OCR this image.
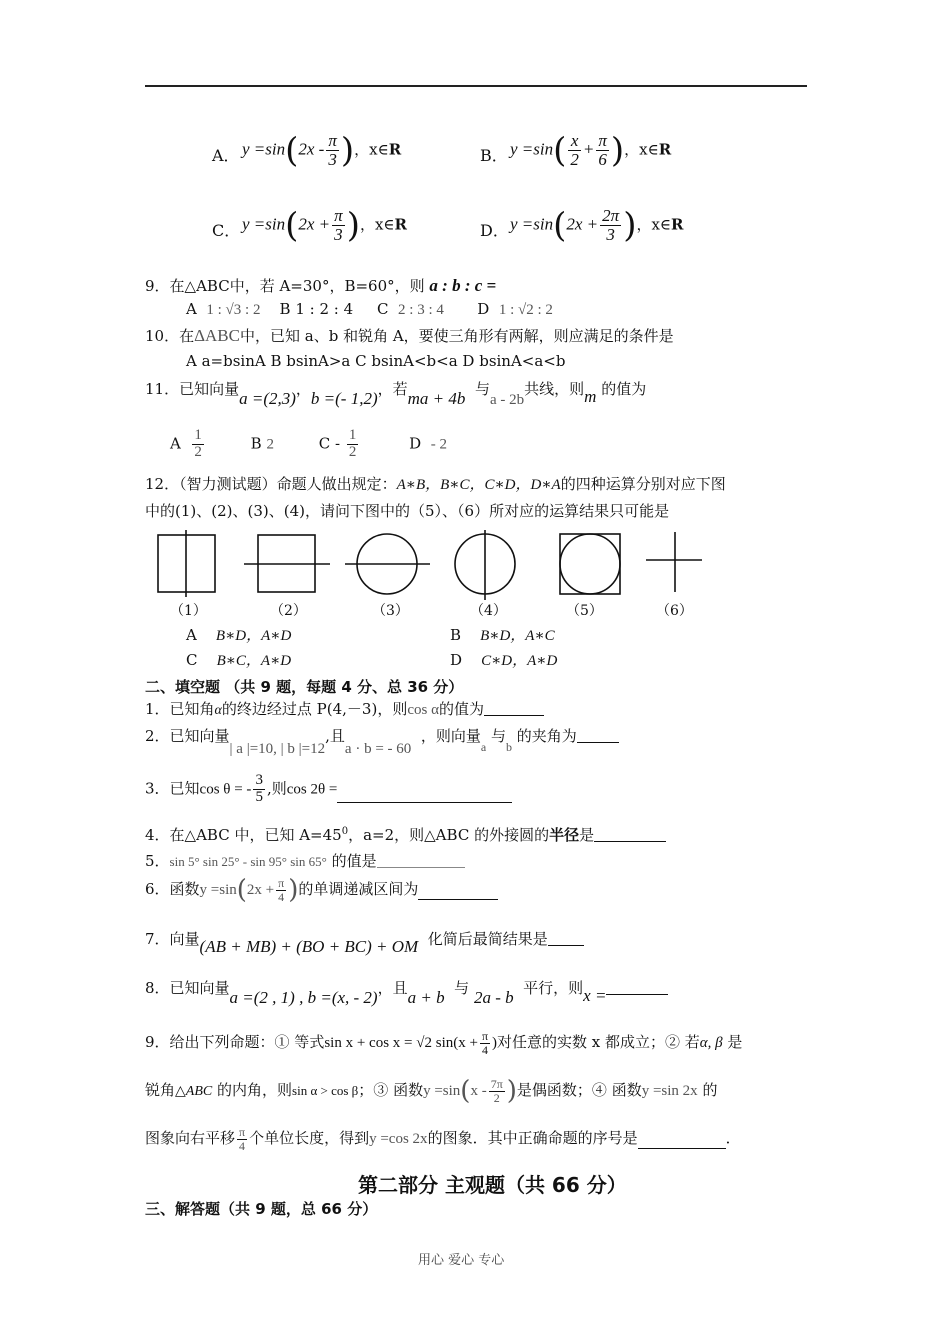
A． $y =\sin(2x - \frac{\pi}{3}$ )，x∈R	B． $y =\sin( \frac{x}{2} + \frac{\pi}{6}$ )，x∈R
C． $y =\sin(2x + \frac{\pi}{3}$ )，x∈R	D． $y =\sin(2x + \frac{2\pi}{3}$ )，x∈R
9．在△ABC中，若 A=30°，B=60°，则 a : b : c =
A 1 : √3 : 2 B 1 : 2 : 4 C 2 : 3 : 4 D 1 : √2 : 2
10．在ΔABC中，已知 a、b 和锐角 A，要使三角形有两解，则应满足的条件是
A a=bsinA B bsinA>a C bsinA<b<a D bsinA<a<b
11．已知向量a =(2,3)，b =(- 1,2)，若ma + 4b 与a - 2b共线，则m 的值为
A $\frac{1}{2}$	B 2	C - $\frac{1}{2}$	D - 2
12．（智力测试题）命题人做出规定：A∗B，B∗C，C∗D，D∗A的四种运算分别对应下图
中的(1)、(2)、(3)、(4)，请问下图中的（5）、（6）所对应的运算结果只可能是
（1）	（2）	（3）	（4）	（5）	（6）
A B∗D，A∗D	B B∗D，A∗C
C B∗C，A∗D	D C∗D，A∗D
二、填空题 （共 9 题，每题 4 分、总 36 分）
1．已知角α的终边经过点 P(4,－3)，则cos α的值为
2．已知向量| a |=10, | b |=12,且a · b = - 60  ，则向量$_a$ 与$_b$ 的夹角为
3．已知cos θ = - $\frac{3}{5}$ ,则cos 2θ =
4．在△ABC 中，已知 $A=45^0$，a=2，则△ABC 的外接圆的半径是
5．sin 5° sin 25° - sin 95° sin 65° 的值是
6．函数$y =\sin(2x + \frac{\pi}{4}$ )的单调递减区间为
7．向量(AB + MB) + (BO + BC) + OM 化简后最简结果是
8．已知向量a =(2 , 1) , b =(x, - 2)，且a + b 与 2a - b 平行，则x =
9．给出下列命题：① 等式sin x + cos x = √2 $\sin(x + \frac{\pi}{4}$ )对任意的实数 x 都成立；② 若α, β 是
锐角△ABC 的内角，则sin α > cos β；③ 函数$y =\sin(x - \frac{7\pi}{2}$ )是偶函数；④ 函数y =sin 2x 的
图象向右平移 $\frac{\pi}{4}$ 个单位长度，得到y =cos 2x的图象．其中正确命题的序号是	．
第二部分 主观题（共 66 分）
三、解答题（共 9 题，总 66 分）
用心 爱心 专心
